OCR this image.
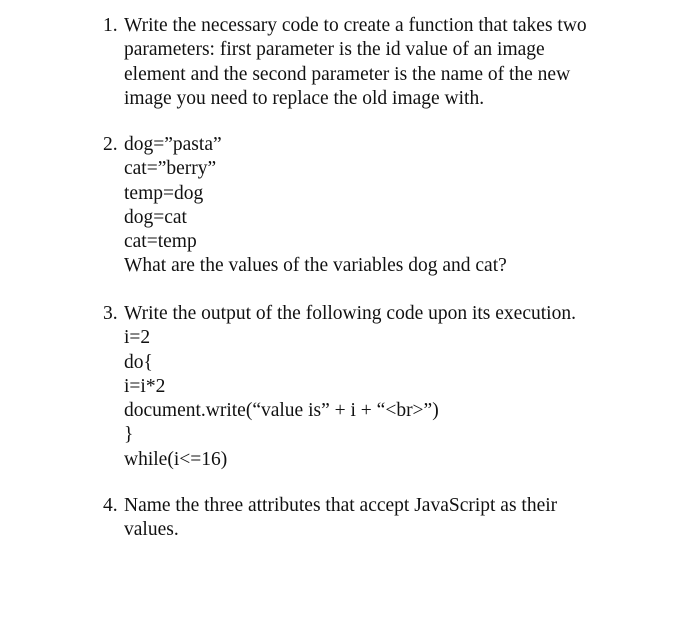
1. Write the necessary code to create a function that takes two
parameters: first parameter is the id value of an image
element and the second parameter is the name of the new
image you need to replace the old image with.
2. dog=”pasta”
cat=”berry”
temp=dog
dog=cat
cat=temp
What are the values of the variables dog and cat?
3. Write the output of the following code upon its execution.
i=2
do{
i=i*2
document.write(“value is” + i + “<br>”)
}
while(i<=16)
4. Name the three attributes that accept JavaScript as their
values.
